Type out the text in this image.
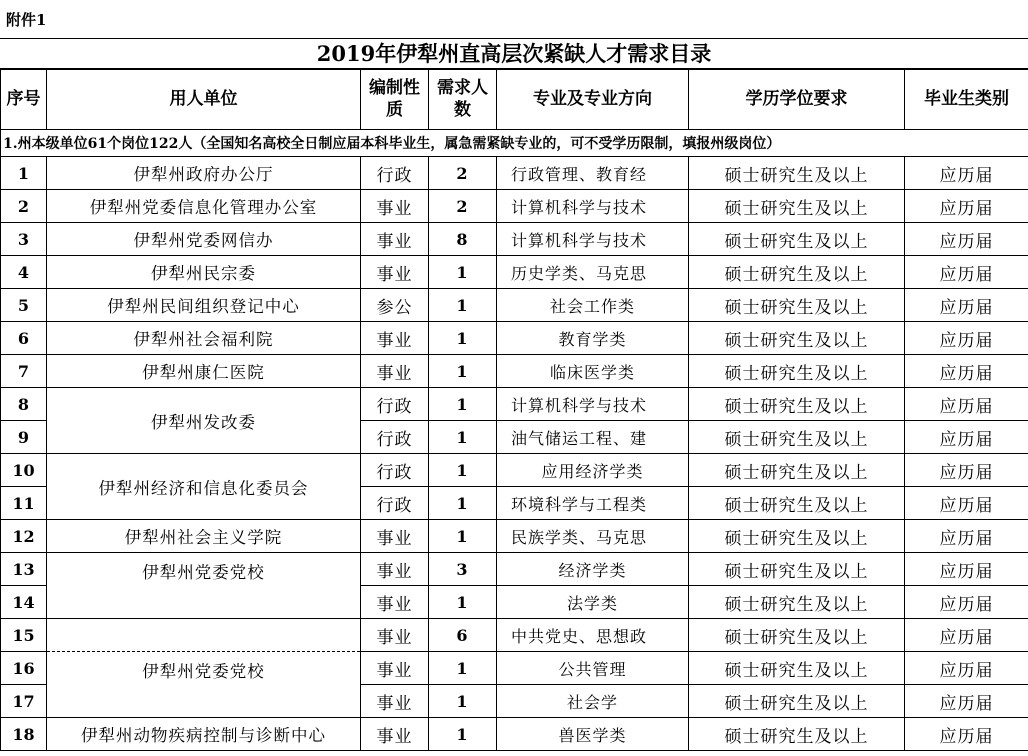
附件1
2019年伊犁州直高层次紧缺人才需求目录
序号	用人单位	编制性质	需求人数	专业及专业方向	学历学位要求	毕业生类别
1.州本级单位61个岗位122人（全国知名高校全日制应届本科毕业生，属急需紧缺专业的，可不受学历限制，填报州级岗位）						
1	伊犁州政府办公厅	行政	2	行政管理、教育经	硕士研究生及以上	应历届
2	伊犁州党委信息化管理办公室	事业	2	计算机科学与技术	硕士研究生及以上	应历届
3	伊犁州党委网信办	事业	8	计算机科学与技术	硕士研究生及以上	应历届
4	伊犁州民宗委	事业	1	历史学类、马克思	硕士研究生及以上	应历届
5	伊犁州民间组织登记中心	参公	1	社会工作类	硕士研究生及以上	应历届
6	伊犁州社会福利院	事业	1	教育学类	硕士研究生及以上	应历届
7	伊犁州康仁医院	事业	1	临床医学类	硕士研究生及以上	应历届
8	伊犁州发改委	行政	1	计算机科学与技术	硕士研究生及以上	应历届
9		行政	1	油气储运工程、建	硕士研究生及以上	应历届
10	伊犁州经济和信息化委员会	行政	1	应用经济学类	硕士研究生及以上	应历届
11		行政	1	环境科学与工程类	硕士研究生及以上	应历届
12	伊犁州社会主义学院	事业	1	民族学类、马克思	硕士研究生及以上	应历届
13	伊犁州党委党校	事业	3	经济学类	硕士研究生及以上	应历届
14		事业	1	法学类	硕士研究生及以上	应历届
15		事业	6	中共党史、思想政	硕士研究生及以上	应历届
16	伊犁州党委党校	事业	1	公共管理	硕士研究生及以上	应历届
17		事业	1	社会学	硕士研究生及以上	应历届
18	伊犁州动物疾病控制与诊断中心	事业	1	兽医学类	硕士研究生及以上	应历届
